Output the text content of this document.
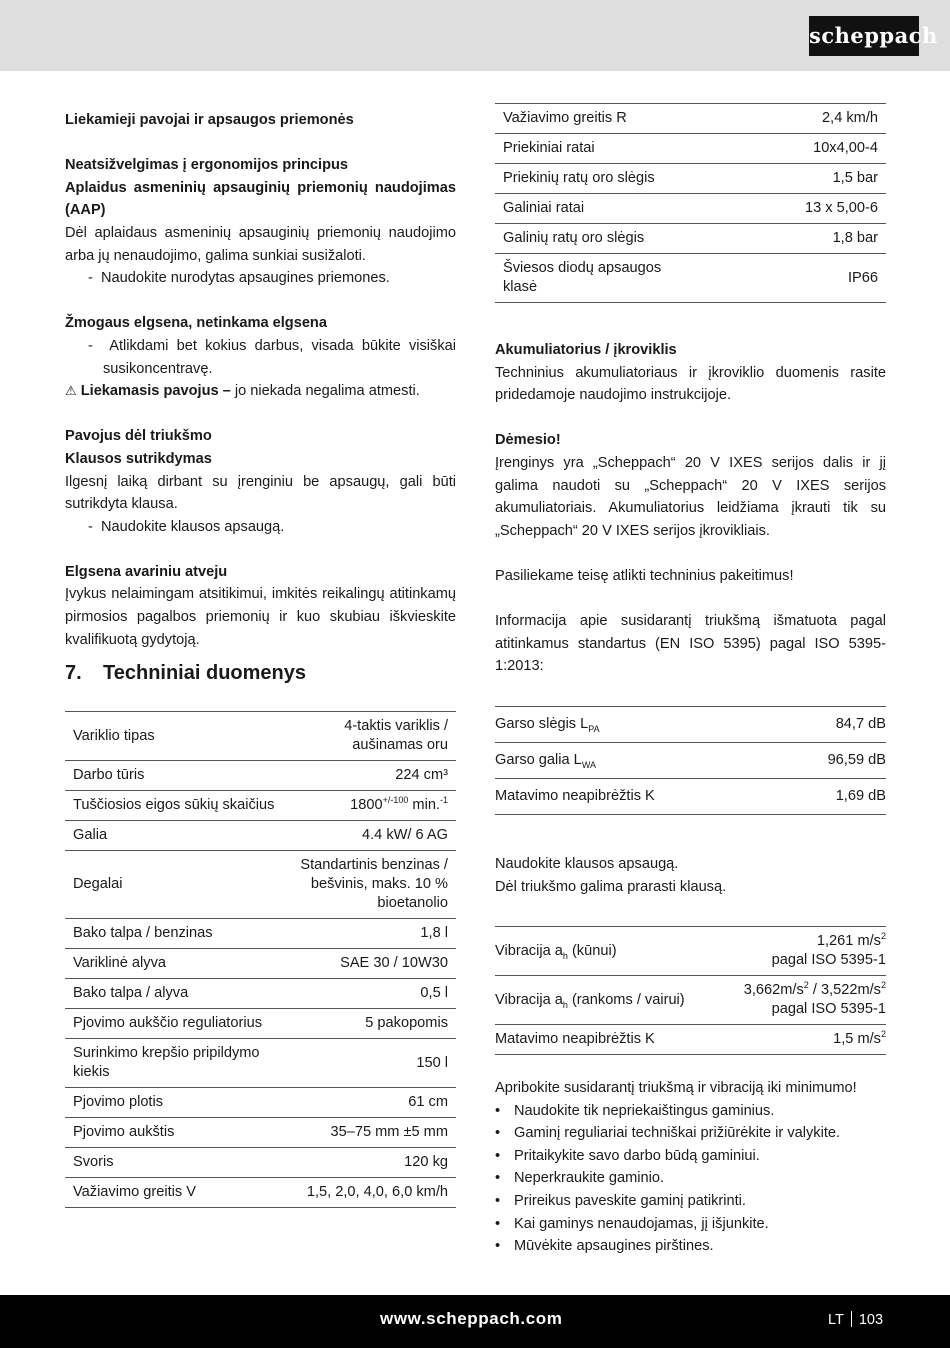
scheppach

Liekamieji pavojai ir apsaugos priemonės

Neatsižvelgimas į ergonomijos principus

Aplaidus asmeninių apsauginių priemonių naudojimas (AAP)

Dėl aplaidaus asmeninių apsauginių priemonių naudojimo arba jų nenaudojimo, galima sunkiai susižaloti.

-  Naudokite nurodytas apsaugines priemones.

Žmogaus elgsena, netinkama elgsena

-  Atlikdami bet kokius darbus, visada būkite visiškai susikoncentravę.

⚠ Liekamasis pavojus – jo niekada negalima atmesti.

Pavojus dėl triukšmo

Klausos sutrikdymas

Ilgesnį laiką dirbant su įrenginiu be apsaugų, gali būti sutrikdyta klausa.

-  Naudokite klausos apsaugą.

Elgsena avariniu atveju

Įvykus nelaimingam atsitikimui, imkitės reikalingų atitinkamų pirmosios pagalbos priemonių ir kuo skubiau iškvieskite kvalifikuotą gydytoją.

7. Techniniai duomenys
Variklio tipas	4-taktis variklis / aušinamas oru
Darbo tūris	224 cm³
Tuščiosios eigos sūkių skaičius	$1800^{+/-100}$ min.$^{-1}$
Galia	4.4 kW/ 6 AG
Degalai	Standartinis benzinas / bešvinis, maks. 10 % bioetanolio
Bako talpa / benzinas	1,8 l
Variklinė alyva	SAE 30 / 10W30
Bako talpa / alyva	0,5 l
Pjovimo aukščio reguliatorius	5 pakopomis
Surinkimo krepšio pripildymo kiekis	150 l
Pjovimo plotis	61 cm
Pjovimo aukštis	35–75 mm ±5 mm
Svoris	120 kg
Važiavimo greitis V	1,5, 2,0, 4,0, 6,0 km/h
Važiavimo greitis R	2,4 km/h
Priekiniai ratai	10x4,00-4
Priekinių ratų oro slėgis	1,5 bar
Galiniai ratai	13 x 5,00-6
Galinių ratų oro slėgis	1,8 bar
Šviesos diodų apsaugos klasė	IP66

Akumuliatorius / įkroviklis

Techninius akumuliatoriaus ir įkroviklio duomenis rasite pridedamoje naudojimo instrukcijoje.

Dėmesio!

Įrenginys yra „Scheppach“ 20 V IXES serijos dalis ir jį galima naudoti su „Scheppach“ 20 V IXES serijos akumuliatoriais. Akumuliatorius leidžiama įkrauti tik su „Scheppach“ 20 V IXES serijos įkrovikliais.

Pasiliekame teisę atlikti techninius pakeitimus!

Informacija apie susidarantį triukšmą išmatuota pagal atitinkamus standartus (EN ISO 5395) pagal ISO 5395-1:2013:

Garso slėgis $L_{PA}$	84,7 dB
Garso galia $L_{WA}$	96,59 dB
Matavimo neapibrėžtis K	1,69 dB

Naudokite klausos apsaugą.

Dėl triukšmo galima prarasti klausą.

Vibracija $a_h$ (kūnui)	1,261 $m/s^2$
pagal ISO 5395-1

Vibracija $a_h$ (rankoms / vairui)	$3,662m/s^2 / 3,522m/s^2$
pagal ISO 5395-1

Matavimo neapibrėžtis K	1,5 $m/s^2$

Apribokite susidarantį triukšmą ir vibraciją iki minimumo!

• Naudokite tik nepriekaištingus gaminius.

• Gaminį reguliariai techniškai prižiūrėkite ir valykite.

• Pritaikykite savo darbo būdą gaminiui.

• Neperkraukite gaminio.

• Prireikus paveskite gaminį patikrinti.

• Kai gaminys nenaudojamas, jį išjunkite.

• Mūvėkite apsaugines pirštines.

www.scheppach.com	LT 103
